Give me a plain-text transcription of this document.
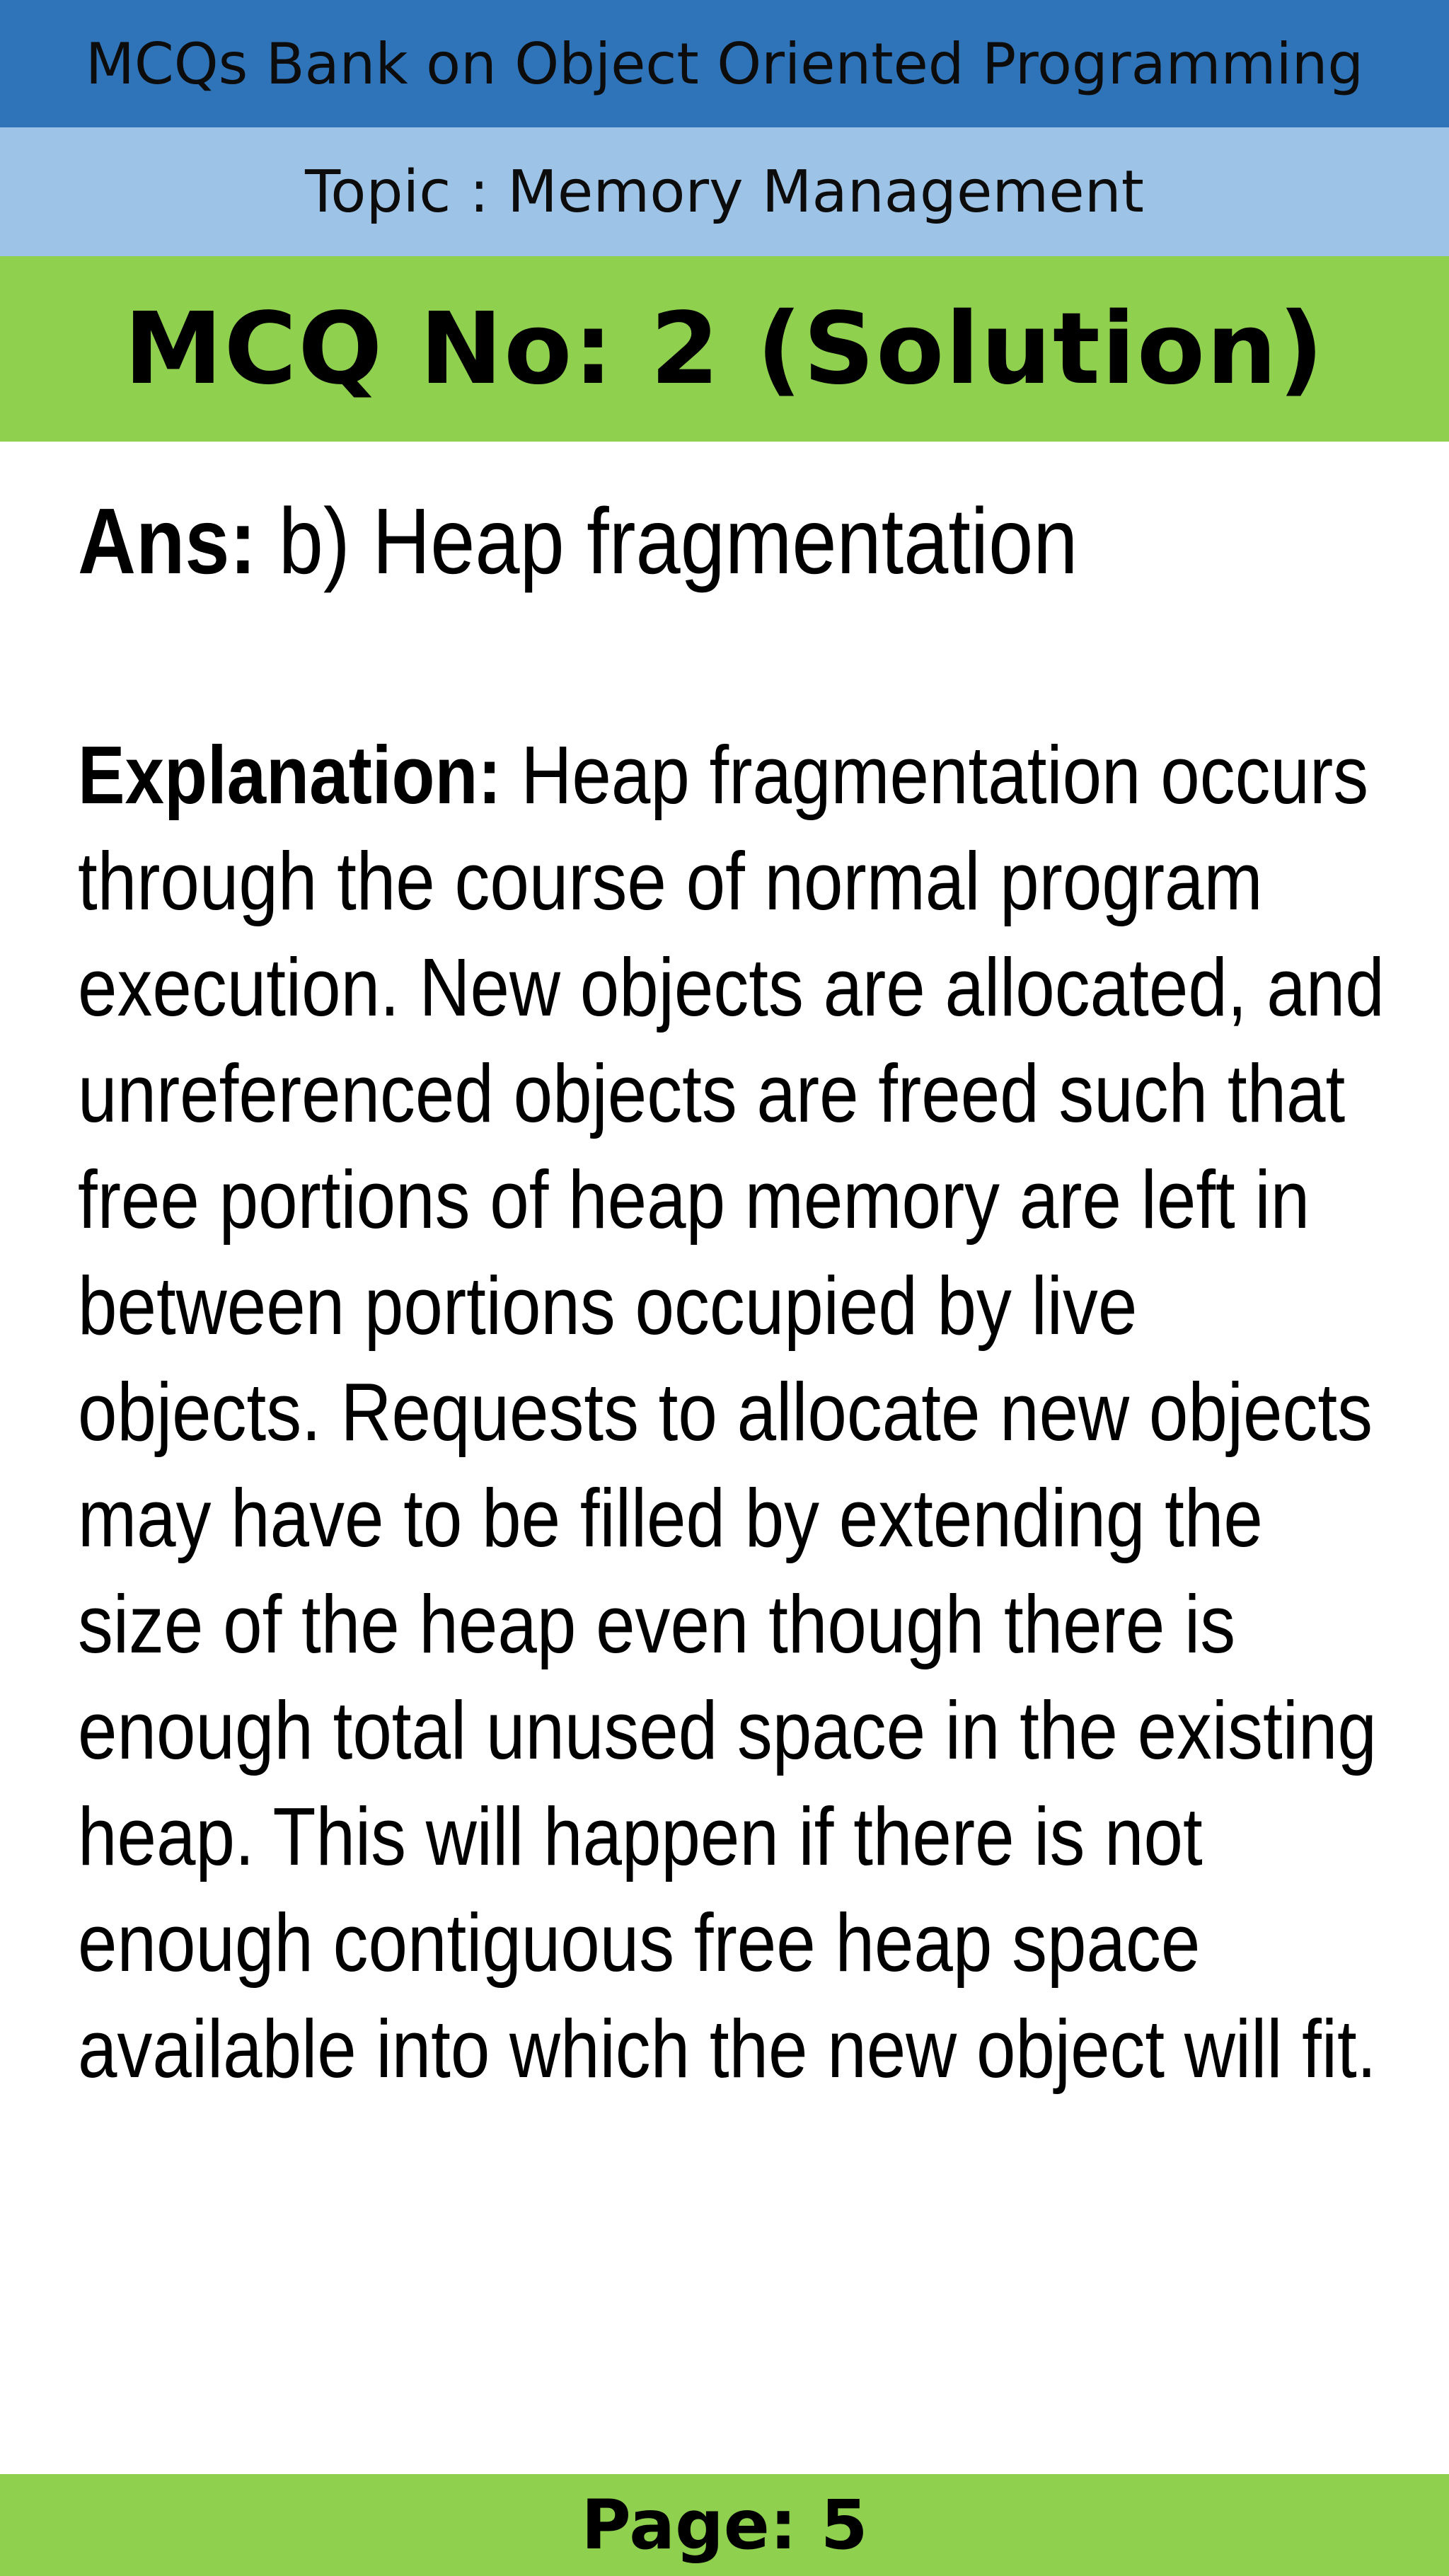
MCQs Bank on Object Oriented Programming
Topic : Memory Management
MCQ No: 2 (Solution)

Ans: b) Heap fragmentation

Explanation: Heap fragmentation occurs through the course of normal program execution. New objects are allocated, and unreferenced objects are freed such that free portions of heap memory are left in between portions occupied by live objects. Requests to allocate new objects may have to be filled by extending the size of the heap even though there is enough total unused space in the existing heap. This will happen if there is not enough contiguous free heap space available into which the new object will fit.

Page: 5
